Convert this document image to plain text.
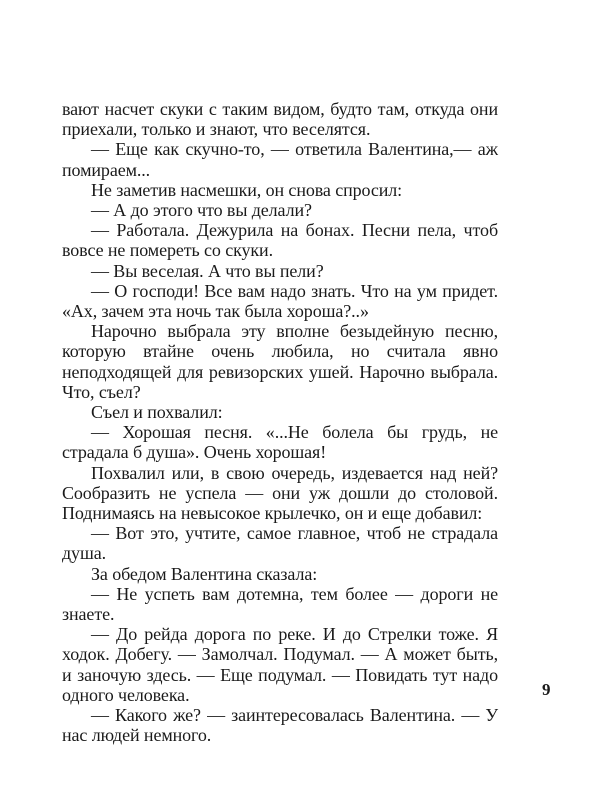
вают насчет скуки с таким видом, будто там, откуда они приехали, только и знают, что веселятся.

— Еще как скучно-то, — ответила Валентина,— аж помираем...

Не заметив насмешки, он снова спросил:

— А до этого что вы делали?

— Работала. Дежурила на бонах. Песни пела, чтоб вовсе не помереть со скуки.

— Вы веселая. А что вы пели?

— О господи! Все вам надо знать. Что на ум придет. «Ах, зачем эта ночь так была хороша?..»

Нарочно выбрала эту вполне безыдейную песню, которую втайне очень любила, но считала явно неподходящей для ревизорских ушей. Нарочно выбрала. Что, съел?

Съел и похвалил:

— Хорошая песня. «...Не болела бы грудь, не страдала б душа». Очень хорошая!

Похвалил или, в свою очередь, издевается над ней? Сообразить не успела — они уж дошли до столовой. Поднимаясь на невысокое крылечко, он и еще добавил:

— Вот это, учтите, самое главное, чтоб не страдала душа.

За обедом Валентина сказала:

— Не успеть вам дотемна, тем более — дороги не знаете.

— До рейда дорога по реке. И до Стрелки тоже. Я ходок. Добегу. — Замолчал. Подумал. — А может быть, и заночую здесь. — Еще подумал. — Повидать тут надо одного человека.

— Какого же? — заинтересовалась Валентина. — У нас людей немного.

9
